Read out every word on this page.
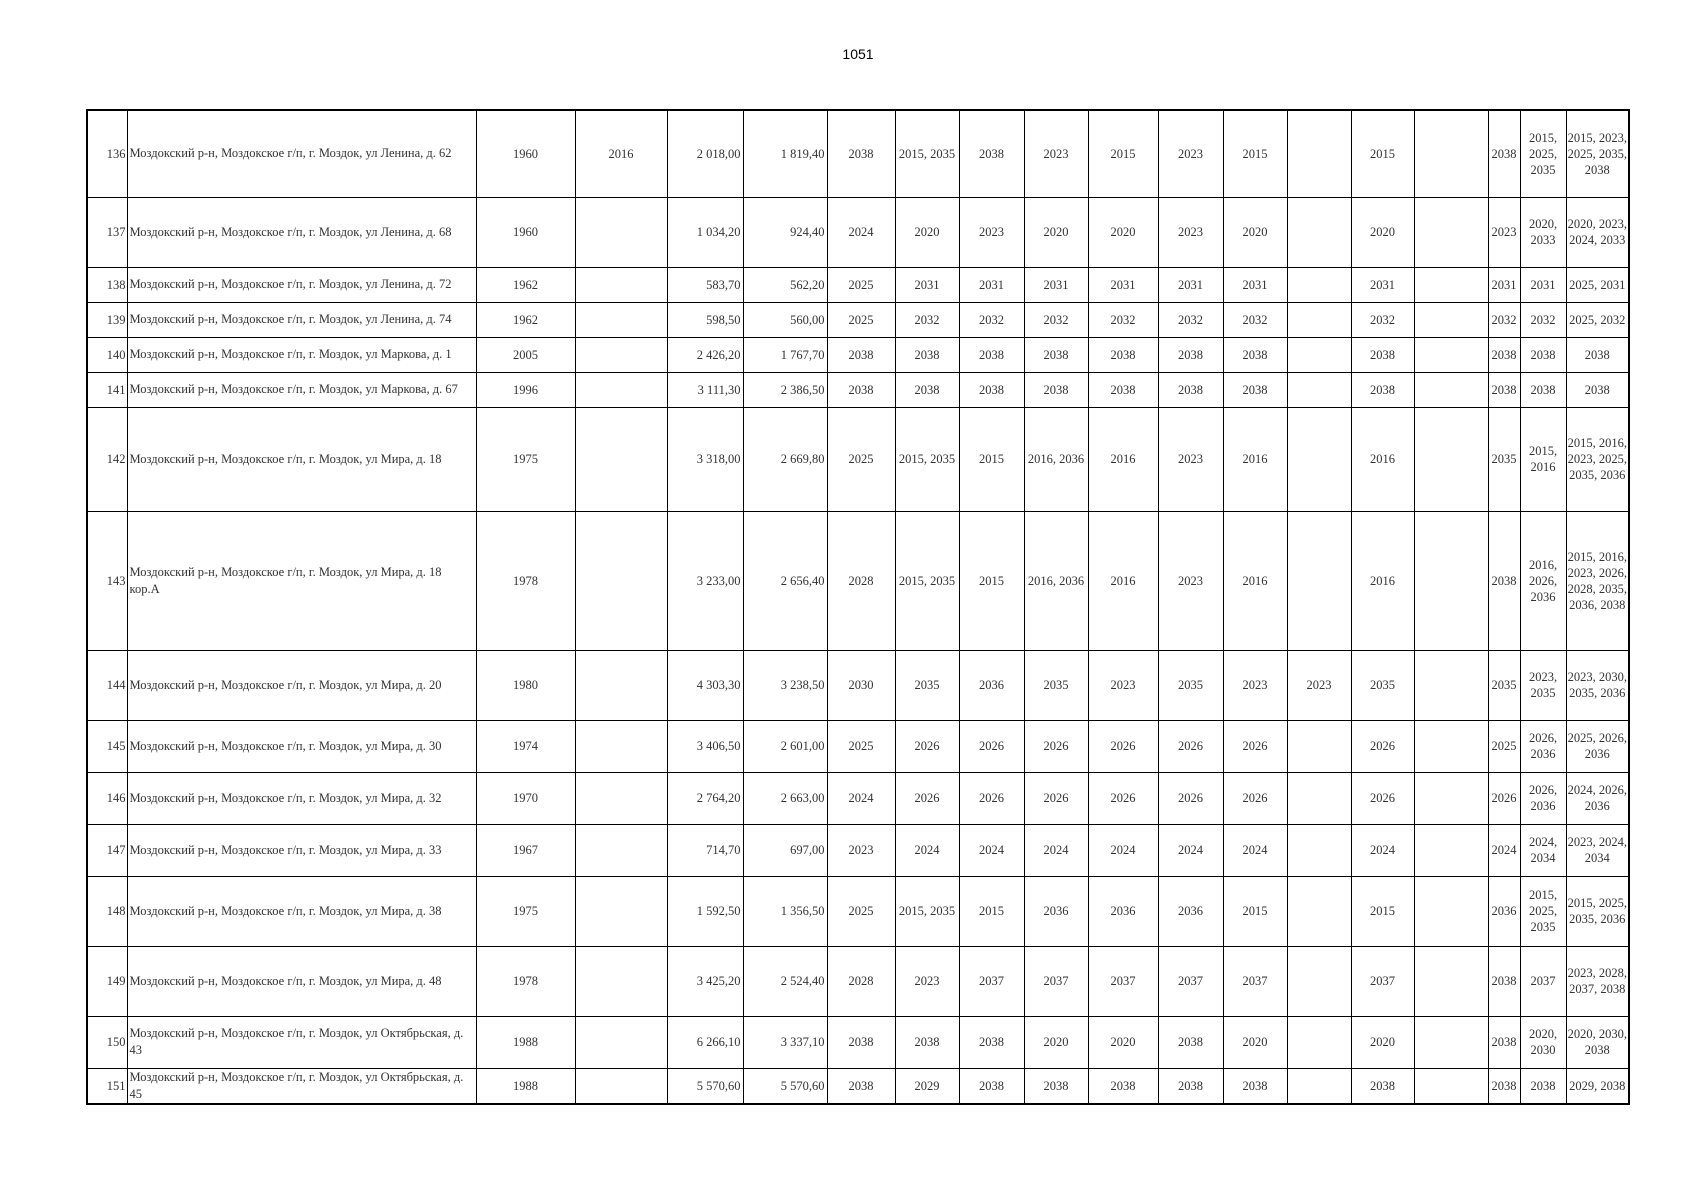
1051
136	Моздокский р-н, Моздокское г/п, г. Моздок, ул Ленина, д. 62	1960	2016	2 018,00	1 819,40	2038	2015, 2035	2038	2023	2015	2023	2015		2015		2038	2015, 2025, 2035	2015, 2023, 2025, 2035, 2038
137	Моздокский р-н, Моздокское г/п, г. Моздок, ул Ленина, д. 68	1960		1 034,20	924,40	2024	2020	2023	2020	2020	2023	2020		2020		2023	2020, 2033	2020, 2023, 2024, 2033
138	Моздокский р-н, Моздокское г/п, г. Моздок, ул Ленина, д. 72	1962		583,70	562,20	2025	2031	2031	2031	2031	2031	2031		2031		2031	2031	2025, 2031
139	Моздокский р-н, Моздокское г/п, г. Моздок, ул Ленина, д. 74	1962		598,50	560,00	2025	2032	2032	2032	2032	2032	2032		2032		2032	2032	2025, 2032
140	Моздокский р-н, Моздокское г/п, г. Моздок, ул Маркова, д. 1	2005		2 426,20	1 767,70	2038	2038	2038	2038	2038	2038	2038		2038		2038	2038	2038
141	Моздокский р-н, Моздокское г/п, г. Моздок, ул Маркова, д. 67	1996		3 111,30	2 386,50	2038	2038	2038	2038	2038	2038	2038		2038		2038	2038	2038
142	Моздокский р-н, Моздокское г/п, г. Моздок, ул Мира, д. 18	1975		3 318,00	2 669,80	2025	2015, 2035	2015	2016, 2036	2016	2023	2016		2016		2035	2015, 2016	2015, 2016, 2023, 2025, 2035, 2036
143	Моздокский р-н, Моздокское г/п, г. Моздок, ул Мира, д. 18 кор.А	1978		3 233,00	2 656,40	2028	2015, 2035	2015	2016, 2036	2016	2023	2016		2016		2038	2016, 2026, 2036	2015, 2016, 2023, 2026, 2028, 2035, 2036, 2038
144	Моздокский р-н, Моздокское г/п, г. Моздок, ул Мира, д. 20	1980		4 303,30	3 238,50	2030	2035	2036	2035	2023	2035	2023	2023	2035		2035	2023, 2035	2023, 2030, 2035, 2036
145	Моздокский р-н, Моздокское г/п, г. Моздок, ул Мира, д. 30	1974		3 406,50	2 601,00	2025	2026	2026	2026	2026	2026	2026		2026		2025	2026, 2036	2025, 2026, 2036
146	Моздокский р-н, Моздокское г/п, г. Моздок, ул Мира, д. 32	1970		2 764,20	2 663,00	2024	2026	2026	2026	2026	2026	2026		2026		2026	2026, 2036	2024, 2026, 2036
147	Моздокский р-н, Моздокское г/п, г. Моздок, ул Мира, д. 33	1967		714,70	697,00	2023	2024	2024	2024	2024	2024	2024		2024		2024	2024, 2034	2023, 2024, 2034
148	Моздокский р-н, Моздокское г/п, г. Моздок, ул Мира, д. 38	1975		1 592,50	1 356,50	2025	2015, 2035	2015	2036	2036	2036	2015		2015		2036	2015, 2025, 2035	2015, 2025, 2035, 2036
149	Моздокский р-н, Моздокское г/п, г. Моздок, ул Мира, д. 48	1978		3 425,20	2 524,40	2028	2023	2037	2037	2037	2037	2037		2037		2038	2037	2023, 2028, 2037, 2038
150	Моздокский р-н, Моздокское г/п, г. Моздок, ул Октябрьская, д. 43	1988		6 266,10	3 337,10	2038	2038	2038	2020	2020	2038	2020		2020		2038	2020, 2030	2020, 2030, 2038
151	Моздокский р-н, Моздокское г/п, г. Моздок, ул Октябрьская, д. 45	1988		5 570,60	5 570,60	2038	2029	2038	2038	2038	2038	2038		2038		2038	2038	2029, 2038
